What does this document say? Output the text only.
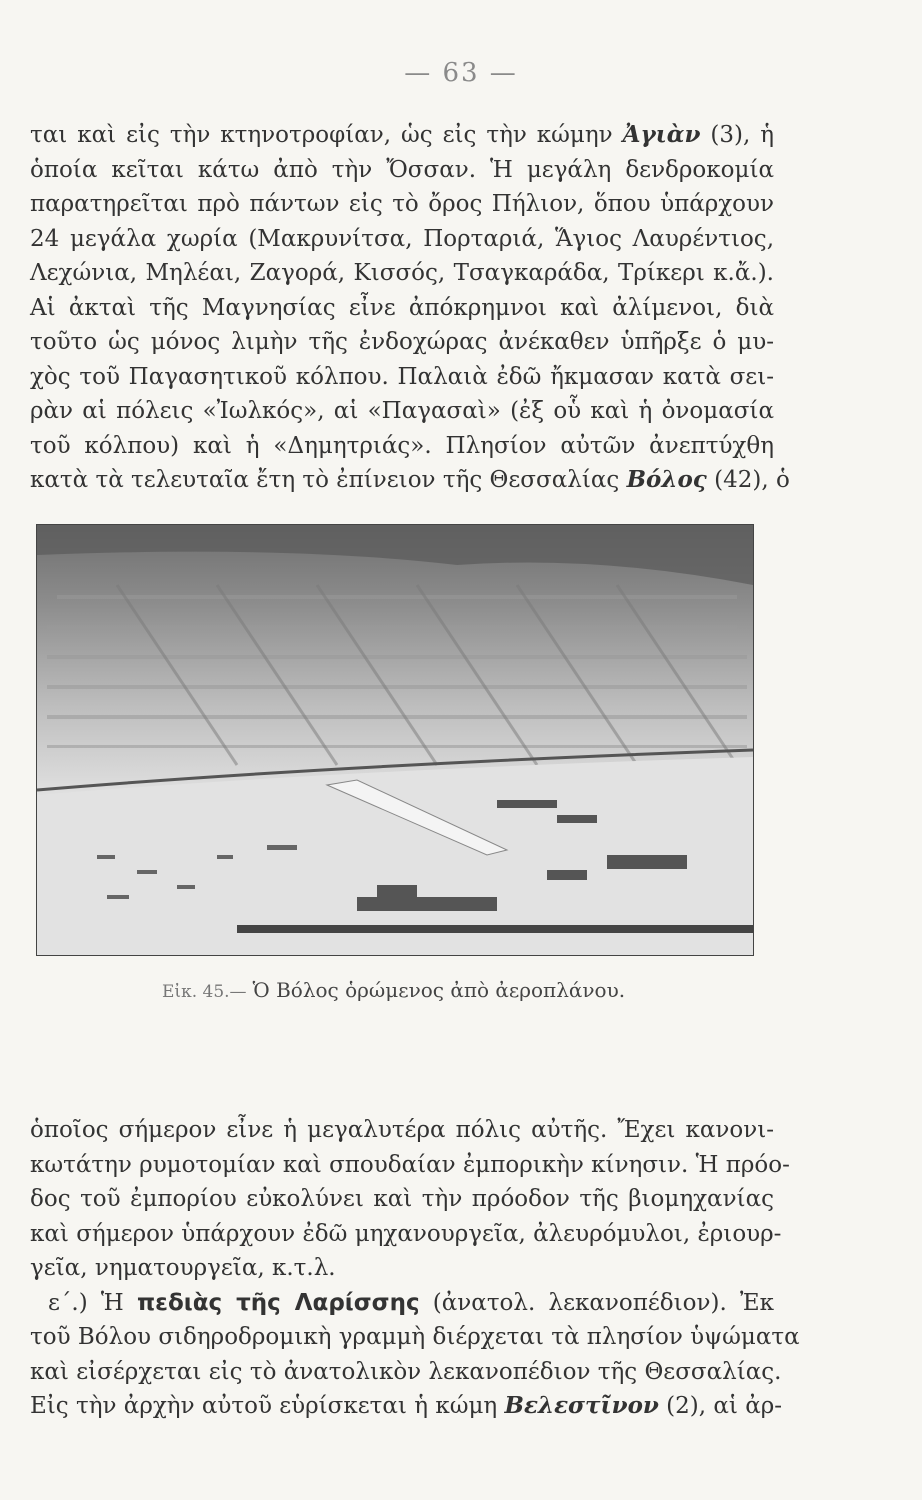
— 63 —
ται καὶ εἰς τὴν κτηνοτροφίαν, ὡς εἰς τὴν κώμην Ἀγιὰν (3), ἡ
ὁποία κεῖται κάτω ἀπὸ τὴν Ὄσσαν. Ἡ μεγάλη δενδροκομία
παρατηρεῖται πρὸ πάντων εἰς τὸ ὄρος Πήλιον, ὅπου ὑπάρχουν
24 μεγάλα χωρία (Μακρυνίτσα, Πορταριά, Ἅγιος Λαυρέντιος,
Λεχώνια, Μηλέαι, Ζαγορά, Κισσός, Τσαγκαράδα, Τρίκερι κ.ἄ.).
Αἱ ἀκταὶ τῆς Μαγνησίας εἶνε ἀπόκρημνοι καὶ ἀλίμενοι, διὰ
τοῦτο ὡς μόνος λιμὴν τῆς ἐνδοχώρας ἀνέκαθεν ὑπῆρξε ὁ μυ-
χὸς τοῦ Παγασητικοῦ κόλπου. Παλαιὰ ἐδῶ ἤκμασαν κατὰ σει-
ρὰν αἱ πόλεις «Ἰωλκός», αἱ «Παγασαὶ» (ἐξ οὗ καὶ ἡ ὀνομασία
τοῦ κόλπου) καὶ ἡ «Δημητριάς». Πλησίον αὐτῶν ἀνεπτύχθη
κατὰ τὰ τελευταῖα ἔτη τὸ ἐπίνειον τῆς Θεσσαλίας Βόλος (42), ὁ
Εἰκ. 45.— Ὁ Βόλος ὁρώμενος ἀπὸ ἀεροπλάνου.
ὁποῖος σήμερον εἶνε ἡ μεγαλυτέρα πόλις αὐτῆς. Ἔχει κανονι-
κωτάτην ρυμοτομίαν καὶ σπουδαίαν ἐμπορικὴν κίνησιν. Ἡ πρόο-
δος τοῦ ἐμπορίου εὐκολύνει καὶ τὴν πρόοδον τῆς βιομηχανίας
καὶ σήμερον ὑπάρχουν ἐδῶ μηχανουργεῖα, ἀλευρόμυλοι, ἐριουρ-
γεῖα, νηματουργεῖα, κ.τ.λ.
ε΄.) Ἡ πεδιὰς τῆς Λαρίσσης (ἀνατολ. λεκανοπέδιον). Ἐκ
τοῦ Βόλου σιδηροδρομικὴ γραμμὴ διέρχεται τὰ πλησίον ὑψώματα
καὶ εἰσέρχεται εἰς τὸ ἀνατολικὸν λεκανοπέδιον τῆς Θεσσαλίας.
Εἰς τὴν ἀρχὴν αὐτοῦ εὑρίσκεται ἡ κώμη Βελεστῖνον (2), αἱ ἀρ-
